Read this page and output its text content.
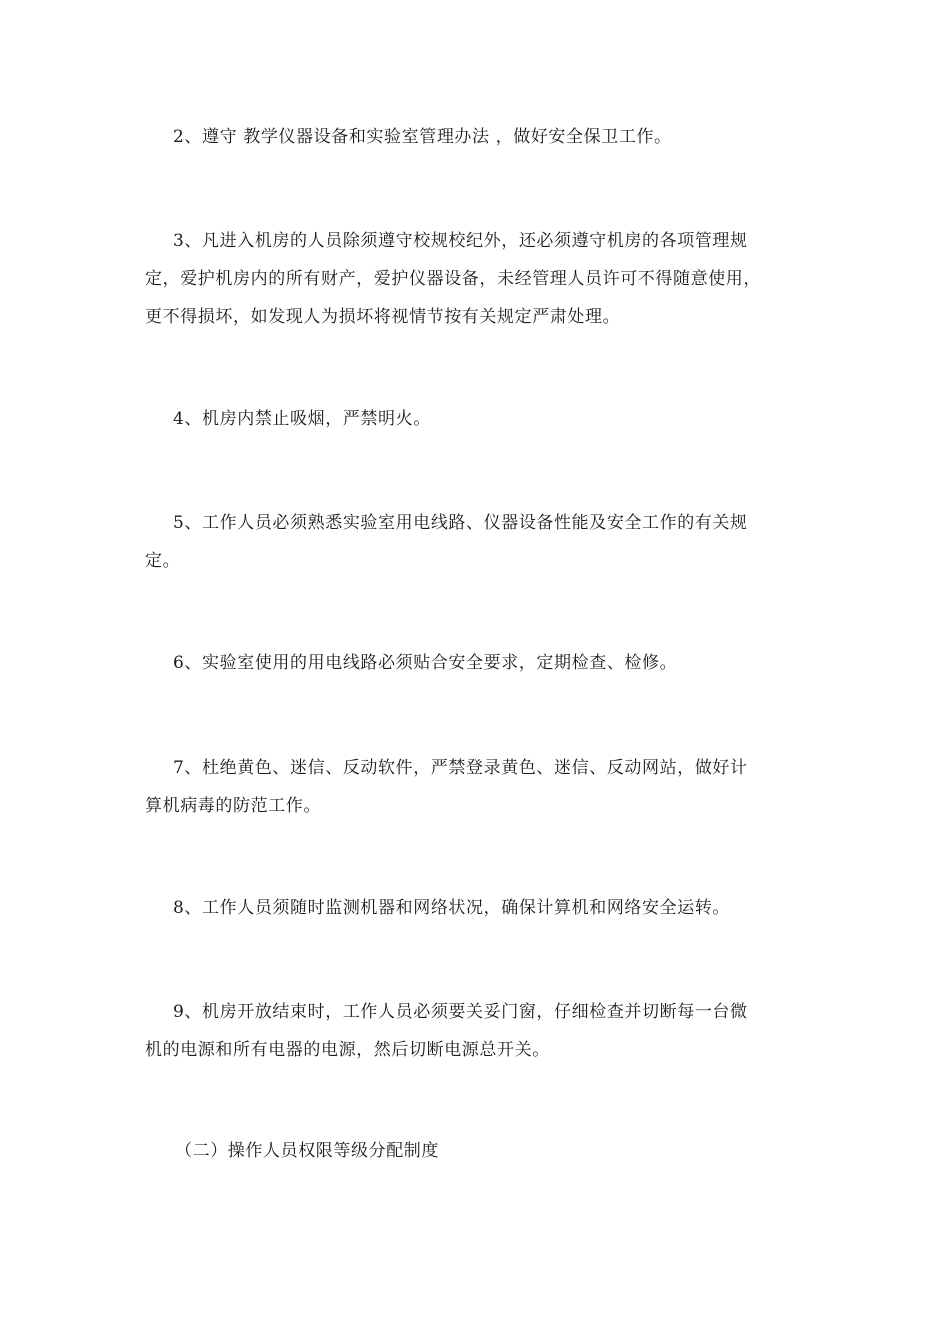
2、遵守 教学仪器设备和实验室管理办法 ，做好安全保卫工作。

3、凡进入机房的人员除须遵守校规校纪外，还必须遵守机房的各项管理规
定，爱护机房内的所有财产，爱护仪器设备，未经管理人员许可不得随意使用，
更不得损坏，如发现人为损坏将视情节按有关规定严肃处理。

4、机房内禁止吸烟，严禁明火。

5、工作人员必须熟悉实验室用电线路、仪器设备性能及安全工作的有关规
定。

6、实验室使用的用电线路必须贴合安全要求，定期检查、检修。

7、杜绝黄色、迷信、反动软件，严禁登录黄色、迷信、反动网站，做好计
算机病毒的防范工作。

8、工作人员须随时监测机器和网络状况，确保计算机和网络安全运转。

9、机房开放结束时，工作人员必须要关妥门窗，仔细检查并切断每一台微
机的电源和所有电器的电源，然后切断电源总开关。

（二）操作人员权限等级分配制度
